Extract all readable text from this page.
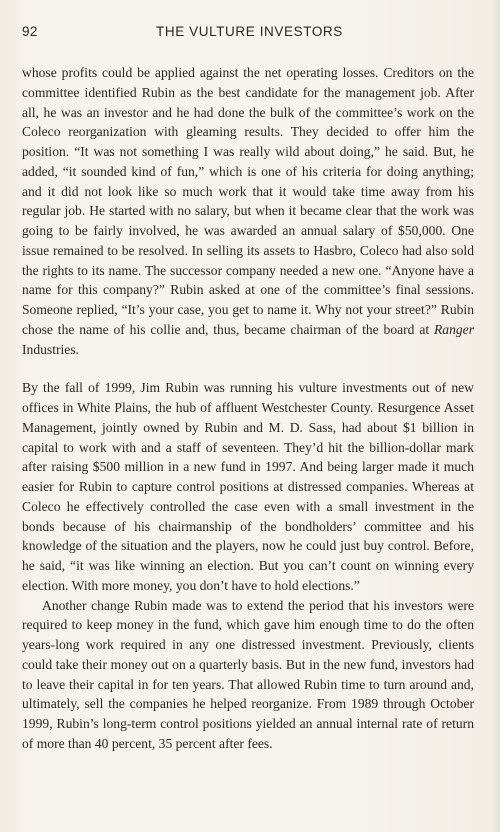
92	THE VULTURE INVESTORS

whose profits could be applied against the net operating losses. Creditors on the committee identified Rubin as the best candidate for the management job. After all, he was an investor and he had done the bulk of the committee’s work on the Coleco reorganization with gleaming results. They decided to offer him the position. “It was not something I was really wild about doing,” he said. But, he added, “it sounded kind of fun,” which is one of his criteria for doing anything; and it did not look like so much work that it would take time away from his regular job. He started with no salary, but when it became clear that the work was going to be fairly involved, he was awarded an annual salary of $50,000. One issue remained to be resolved. In selling its assets to Hasbro, Coleco had also sold the rights to its name. The successor company needed a new one. “Anyone have a name for this company?” Rubin asked at one of the committee’s final sessions. Someone replied, “It’s your case, you get to name it. Why not your street?” Rubin chose the name of his collie and, thus, became chairman of the board at Ranger Industries.

By the fall of 1999, Jim Rubin was running his vulture investments out of new offices in White Plains, the hub of affluent Westchester County. Resurgence Asset Management, jointly owned by Rubin and M. D. Sass, had about $1 billion in capital to work with and a staff of seventeen. They’d hit the billion-dollar mark after raising $500 million in a new fund in 1997. And being larger made it much easier for Rubin to capture control positions at distressed companies. Whereas at Coleco he effectively controlled the case even with a small investment in the bonds because of his chairmanship of the bondholders’ committee and his knowledge of the situation and the players, now he could just buy control. Before, he said, “it was like winning an election. But you can’t count on winning every election. With more money, you don’t have to hold elections.”

Another change Rubin made was to extend the period that his investors were required to keep money in the fund, which gave him enough time to do the often years-long work required in any one distressed investment. Previously, clients could take their money out on a quarterly basis. But in the new fund, investors had to leave their capital in for ten years. That allowed Rubin time to turn around and, ultimately, sell the companies he helped reorganize. From 1989 through October 1999, Rubin’s long-term control positions yielded an annual internal rate of return of more than 40 percent, 35 percent after fees.
